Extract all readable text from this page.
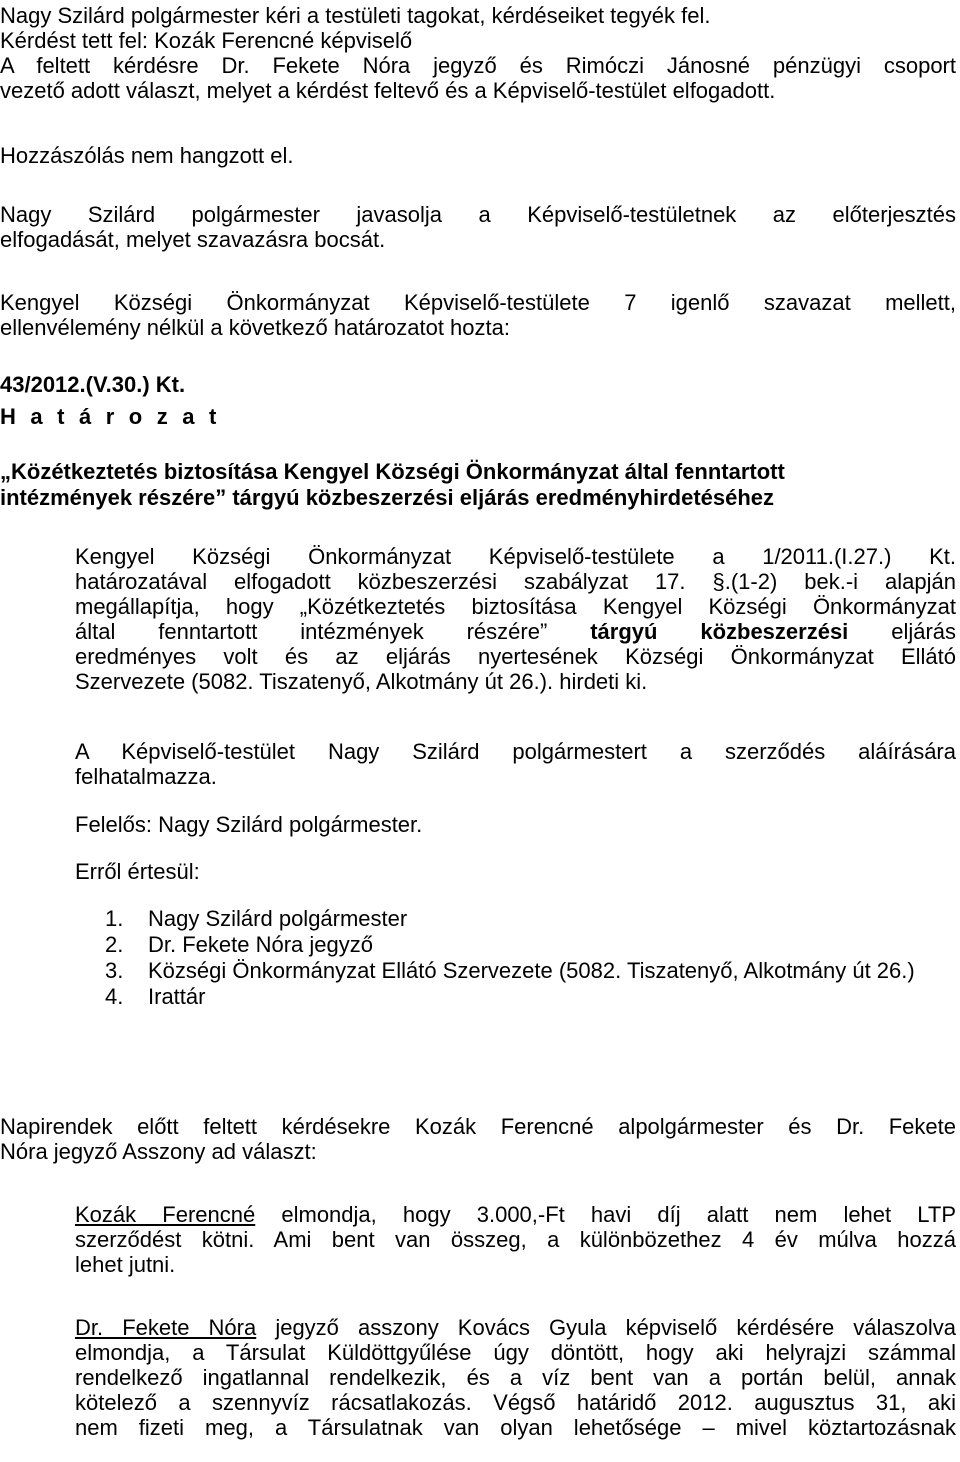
Nagy Szilárd polgármester kéri a testületi tagokat, kérdéseiket tegyék fel.
Kérdést tett fel: Kozák Ferencné képviselő
A feltett kérdésre Dr. Fekete Nóra jegyző és Rimóczi Jánosné pénzügyi csoport
vezető adott választ, melyet a kérdést feltevő és a Képviselő-testület elfogadott.
Hozzászólás nem hangzott el.
Nagy Szilárd polgármester javasolja a Képviselő-testületnek az előterjesztés
elfogadását, melyet szavazásra bocsát.
Kengyel Községi Önkormányzat Képviselő-testülete 7 igenlő szavazat mellett,
ellenvélemény nélkül a következő határozatot hozta:
43/2012.(V.30.) Kt.
H a t á r o z a t
„Közétkeztetés biztosítása Kengyel Községi Önkormányzat által fenntartott
intézmények részére” tárgyú közbeszerzési eljárás eredményhirdetéséhez
Kengyel Községi Önkormányzat Képviselő-testülete a 1/2011.(I.27.) Kt.
határozatával elfogadott közbeszerzési szabályzat 17. §.(1-2) bek.-i alapján
megállapítja, hogy „Közétkeztetés biztosítása Kengyel Községi Önkormányzat
által fenntartott intézmények részére” tárgyú közbeszerzési eljárás
eredményes volt és az eljárás nyertesének Községi Önkormányzat Ellátó
Szervezete (5082. Tiszatenyő, Alkotmány út 26.). hirdeti ki.
A Képviselő-testület Nagy Szilárd polgármestert a szerződés aláírására
felhatalmazza.
Felelős: Nagy Szilárd polgármester.
Erről értesül:
1. Nagy Szilárd polgármester
2. Dr. Fekete Nóra jegyző
3. Községi Önkormányzat Ellátó Szervezete (5082. Tiszatenyő, Alkotmány út 26.)
4. Irattár
Napirendek előtt feltett kérdésekre Kozák Ferencné alpolgármester és Dr. Fekete
Nóra jegyző Asszony ad választ:
Kozák Ferencné elmondja, hogy 3.000,-Ft havi díj alatt nem lehet LTP
szerződést kötni. Ami bent van összeg, a különbözethez 4 év múlva hozzá
lehet jutni.
Dr. Fekete Nóra jegyző asszony Kovács Gyula képviselő kérdésére válaszolva
elmondja, a Társulat Küldöttgyűlése úgy döntött, hogy aki helyrajzi számmal
rendelkező ingatlannal rendelkezik, és a víz bent van a portán belül, annak
kötelező a szennyvíz rácsatlakozás. Végső határidő 2012. augusztus 31, aki
nem fizeti meg, a Társulatnak van olyan lehetősége – mivel köztartozásnak
